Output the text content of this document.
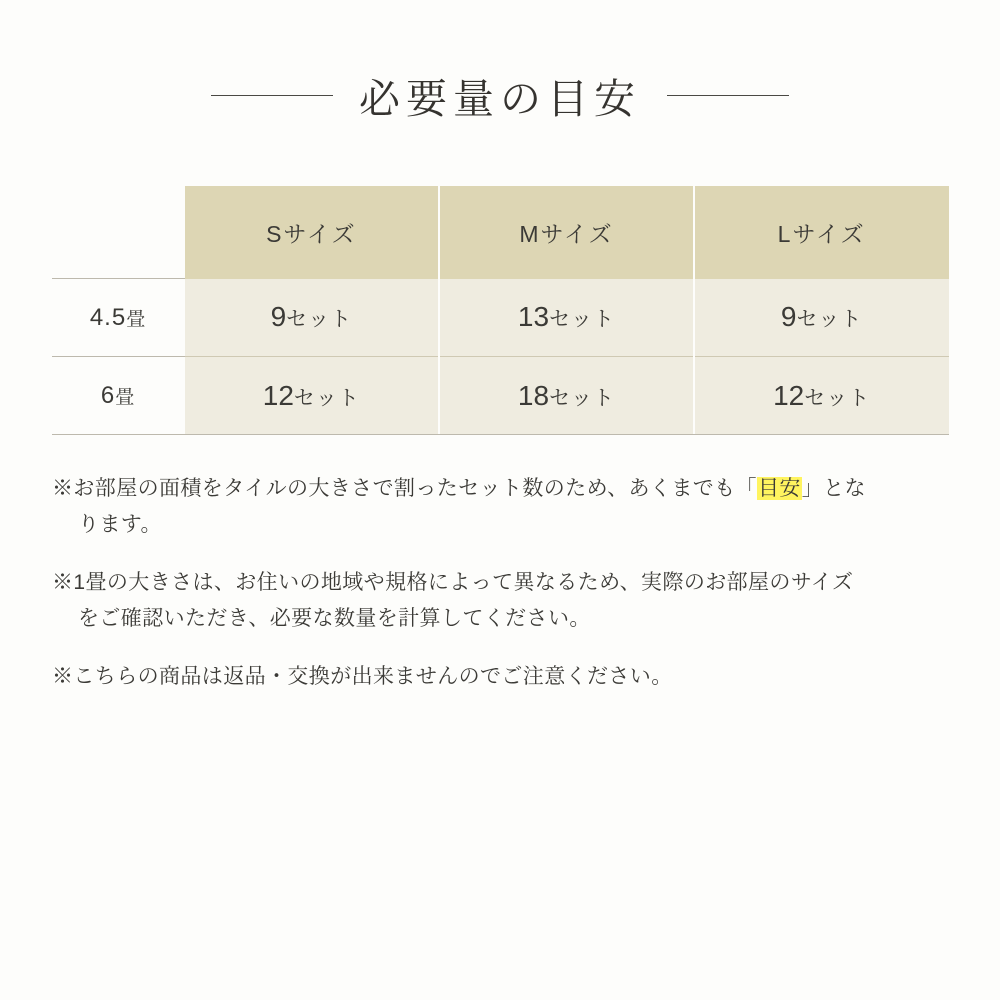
必要量の目安
	Sサイズ	Mサイズ	Lサイズ
4.5畳	9セット	13セット	9セット
6畳	12セット	18セット	12セット

※お部屋の面積をタイルの大きさで割ったセット数のため、あくまでも「目安」とな
ります。

※1畳の大きさは、お住いの地域や規格によって異なるため、実際のお部屋のサイズ
をご確認いただき、必要な数量を計算してください。

※こちらの商品は返品・交換が出来ませんのでご注意ください。
